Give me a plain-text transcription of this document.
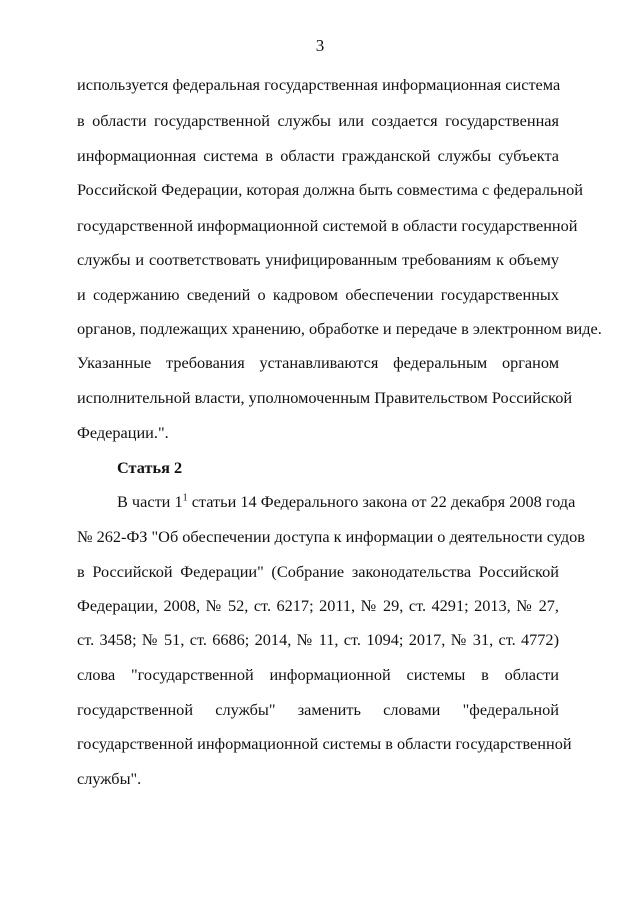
3
используется федеральная государственная информационная система
в области государственной службы или создается государственная
информационная система в области гражданской службы субъекта
Российской Федерации, которая должна быть совместима с федеральной
государственной информационной системой в области государственной
службы и соответствовать унифицированным требованиям к объему
и содержанию сведений о кадровом обеспечении государственных
органов, подлежащих хранению, обработке и передаче в электронном виде.
Указанные требования устанавливаются федеральным органом
исполнительной власти, уполномоченным Правительством Российской
Федерации.".
Статья 2
В части $1^1$ статьи 14 Федерального закона от 22 декабря 2008 года
№ 262-ФЗ "Об обеспечении доступа к информации о деятельности судов
в Российской Федерации" (Собрание законодательства Российской
Федерации, 2008, № 52, ст. 6217; 2011, № 29, ст. 4291; 2013, № 27,
ст. 3458; № 51, ст. 6686; 2014, № 11, ст. 1094; 2017, № 31, ст. 4772)
слова "государственной информационной системы в области
государственной службы" заменить словами "федеральной
государственной информационной системы в области государственной
службы".
